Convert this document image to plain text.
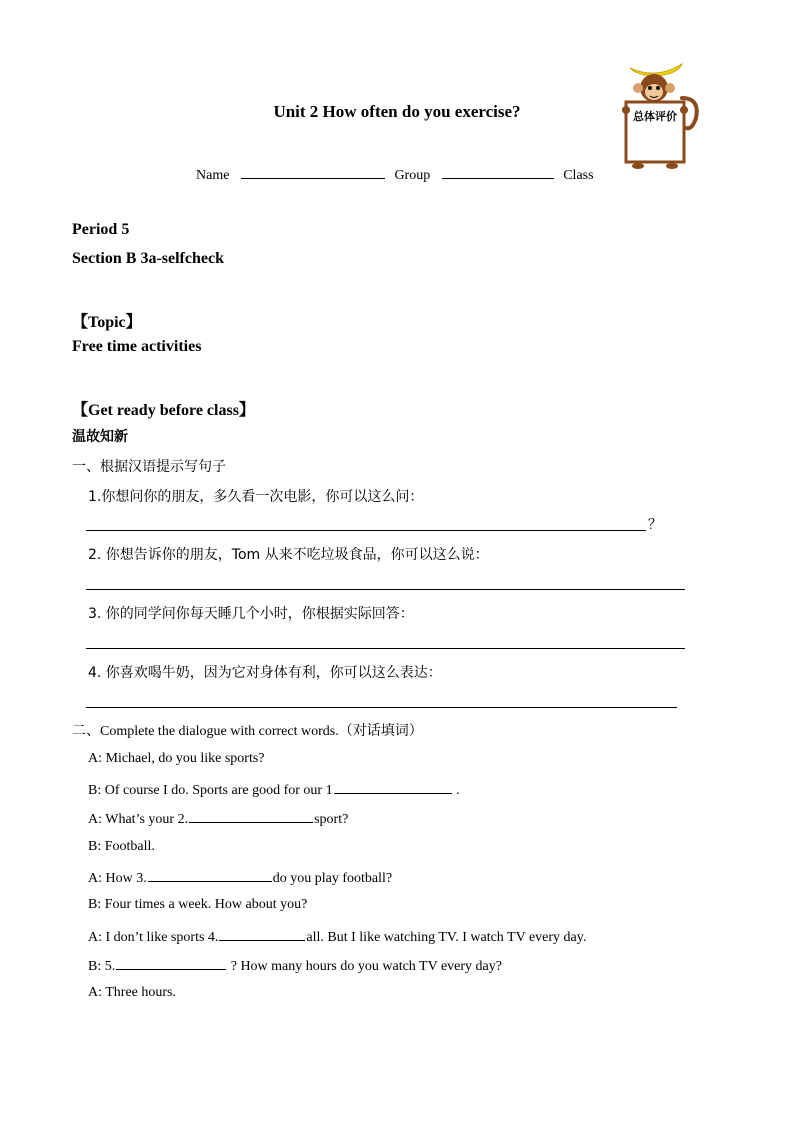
Unit 2 How often do you exercise?
Name	Group	Class
总体评价
Period 5
Section B 3a-selfcheck
【Topic】
Free time activities
【Get ready before class】
温故知新
一、根据汉语提示写句子
1.你想问你的朋友，多久看一次电影，你可以这么问：
？
2. 你想告诉你的朋友，Tom 从来不吃垃圾食品，你可以这么说：
3. 你的同学问你每天睡几个小时，你根据实际回答：
4. 你喜欢喝牛奶，因为它对身体有利，你可以这么表达：
二、Complete the dialogue with correct words.（对话填词）
A: Michael, do you like sports?
B: Of course I do. Sports are good for our 1	.
A: What’s your 2.	sport?
B: Football.
A: How 3.	do you play football?
B: Four times a week. How about you?
A: I don’t like sports 4.	all. But I like watching TV. I watch TV every day.
B: 5.	? How many hours do you watch TV every day?
A: Three hours.
